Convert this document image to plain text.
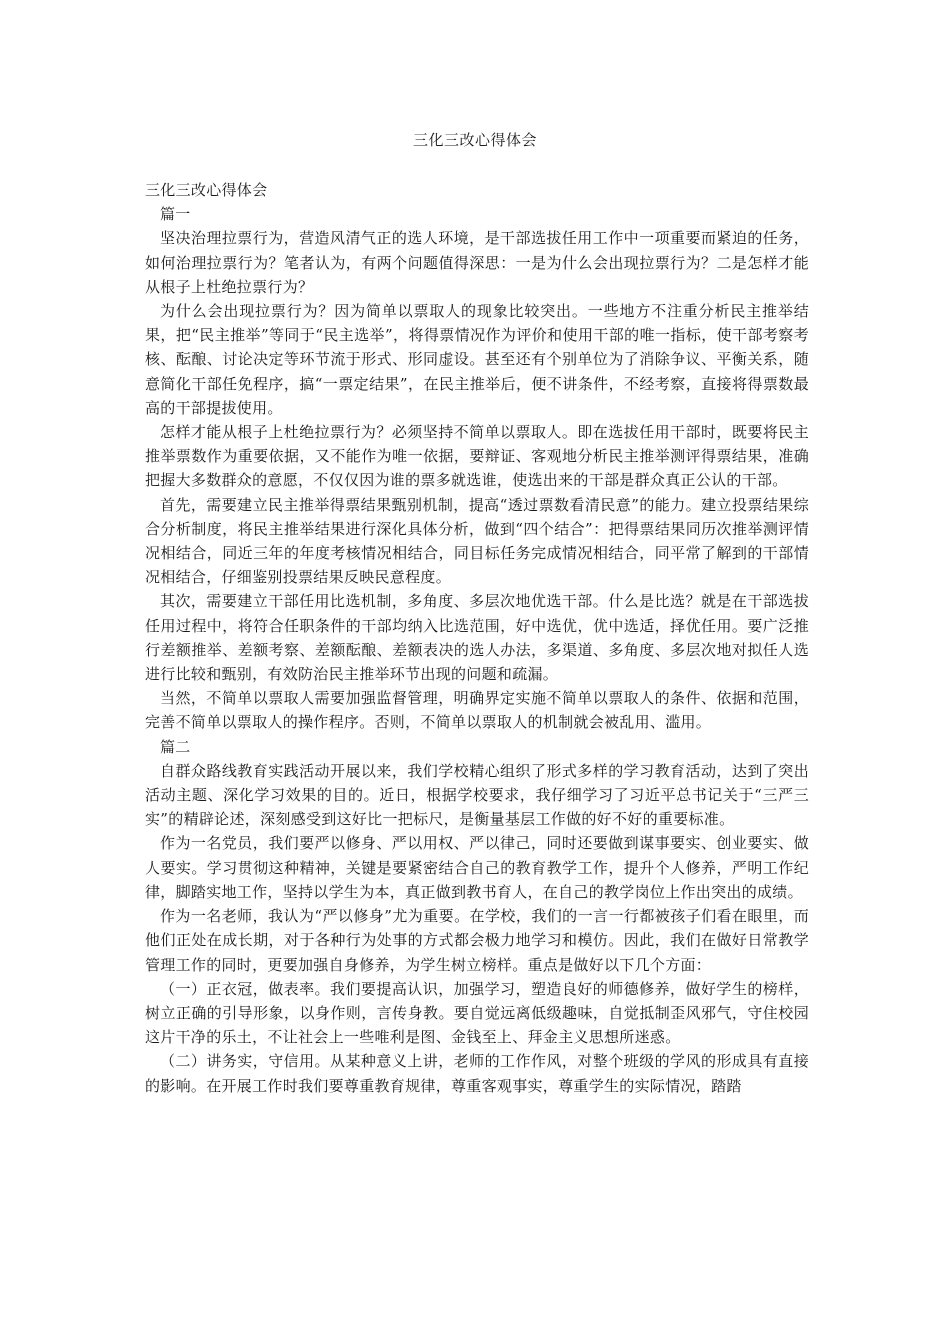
三化三改心得体会

三化三改心得体会

篇一

坚决治理拉票行为，营造风清气正的选人环境，是干部选拔任用工作中一项重要而紧迫的任务，如何治理拉票行为？笔者认为，有两个问题值得深思：一是为什么会出现拉票行为？二是怎样才能从根子上杜绝拉票行为？

为什么会出现拉票行为？因为简单以票取人的现象比较突出。一些地方不注重分析民主推举结果，把“民主推举”等同于“民主选举”，将得票情况作为评价和使用干部的唯一指标，使干部考察考核、酝酿、讨论决定等环节流于形式、形同虚设。甚至还有个别单位为了消除争议、平衡关系，随意简化干部任免程序，搞“一票定结果”，在民主推举后，便不讲条件，不经考察，直接将得票数最高的干部提拔使用。

怎样才能从根子上杜绝拉票行为？必须坚持不简单以票取人。即在选拔任用干部时，既要将民主推举票数作为重要依据，又不能作为唯一依据，要辩证、客观地分析民主推举测评得票结果，准确把握大多数群众的意愿，不仅仅因为谁的票多就选谁，使选出来的干部是群众真正公认的干部。

首先，需要建立民主推举得票结果甄别机制，提高“透过票数看清民意”的能力。建立投票结果综合分析制度，将民主推举结果进行深化具体分析，做到“四个结合”：把得票结果同历次推举测评情况相结合，同近三年的年度考核情况相结合，同目标任务完成情况相结合，同平常了解到的干部情况相结合，仔细鉴别投票结果反映民意程度。

其次，需要建立干部任用比选机制，多角度、多层次地优选干部。什么是比选？就是在干部选拔任用过程中，将符合任职条件的干部均纳入比选范围，好中选优，优中选适，择优任用。要广泛推行差额推举、差额考察、差额酝酿、差额表决的选人办法，多渠道、多角度、多层次地对拟任人选进行比较和甄别，有效防治民主推举环节出现的问题和疏漏。

当然，不简单以票取人需要加强监督管理，明确界定实施不简单以票取人的条件、依据和范围，完善不简单以票取人的操作程序。否则，不简单以票取人的机制就会被乱用、滥用。

篇二

自群众路线教育实践活动开展以来，我们学校精心组织了形式多样的学习教育活动，达到了突出活动主题、深化学习效果的目的。近日，根据学校要求，我仔细学习了习近平总书记关于“三严三实”的精辟论述，深刻感受到这好比一把标尺，是衡量基层工作做的好不好的重要标准。

作为一名党员，我们要严以修身、严以用权、严以律己，同时还要做到谋事要实、创业要实、做人要实。学习贯彻这种精神，关键是要紧密结合自己的教育教学工作，提升个人修养，严明工作纪律，脚踏实地工作，坚持以学生为本，真正做到教书育人，在自己的教学岗位上作出突出的成绩。

作为一名老师，我认为“严以修身”尤为重要。在学校，我们的一言一行都被孩子们看在眼里，而他们正处在成长期，对于各种行为处事的方式都会极力地学习和模仿。因此，我们在做好日常教学管理工作的同时，更要加强自身修养，为学生树立榜样。重点是做好以下几个方面：

（一）正衣冠，做表率。我们要提高认识，加强学习，塑造良好的师德修养，做好学生的榜样，树立正确的引导形象，以身作则，言传身教。要自觉远离低级趣味，自觉抵制歪风邪气，守住校园这片干净的乐土，不让社会上一些唯利是图、金钱至上、拜金主义思想所迷惑。

（二）讲务实，守信用。从某种意义上讲，老师的工作作风，对整个班级的学风的形成具有直接的影响。在开展工作时我们要尊重教育规律，尊重客观事实，尊重学生的实际情况，踏踏
